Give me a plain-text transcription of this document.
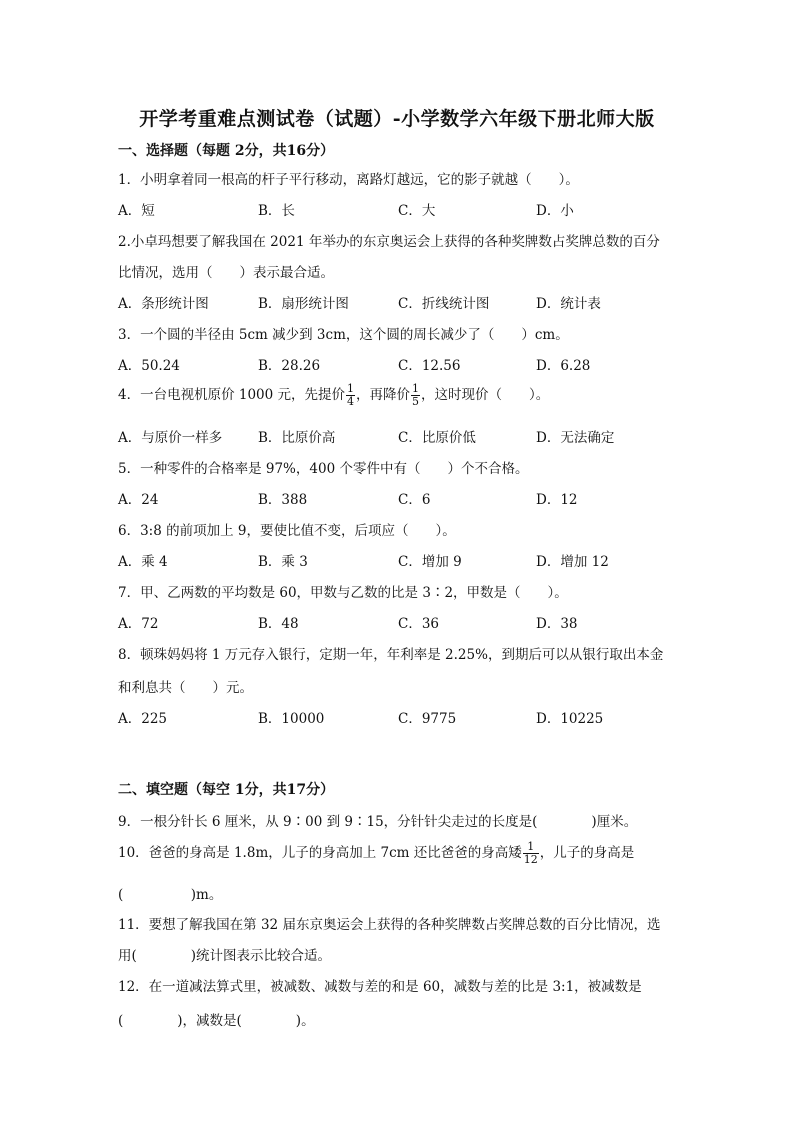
开学考重难点测试卷（试题）-小学数学六年级下册北师大版
一、选择题（每题 2分，共16分）
1．小明拿着同一根高的杆子平行移动，离路灯越远，它的影子就越（　　）。
A．短	B．长	C．大	D．小
2.小卓玛想要了解我国在 2021 年举办的东京奥运会上获得的各种奖牌数占奖牌总数的百分
比情况，选用（　　）表示最合适。
A．条形统计图	B．扇形统计图	C．折线统计图	D．统计表
3．一个圆的半径由 5cm 减少到 3cm，这个圆的周长减少了（　　）cm。
A．50.24	B．28.26	C．12.56	D．6.28
4．一台电视机原价 1000 元，先提价 $\frac{1}{4}$ ，再降价 $\frac{1}{5}$ ，这时现价（　　）。
A．与原价一样多	B．比原价高	C．比原价低	D．无法确定
5．一种零件的合格率是 97%，400 个零件中有（　　）个不合格。
A．24	B．388	C．6	D．12
6．3:8 的前项加上 9，要使比值不变，后项应（　　）。
A．乘 4	B．乘 3	C．增加 9	D．增加 12
7．甲、乙两数的平均数是 60，甲数与乙数的比是 3∶2，甲数是（　　）。
A．72	B．48	C．36	D．38
8．顿珠妈妈将 1 万元存入银行，定期一年，年利率是 2.25%，到期后可以从银行取出本金
和利息共（　　）元。
A．225	B．10000	C．9775	D．10225
二、填空题（每空 1分，共17分）
9．一根分针长 6 厘米，从 9∶00 到 9∶15，分针针尖走过的长度是(　　　　)厘米。
10．爸爸的身高是 1.8m，儿子的身高加上 7cm 还比爸爸的身高矮 $\frac{1}{12}$ ，儿子的身高是
(　　　　　)m。
11．要想了解我国在第 32 届东京奥运会上获得的各种奖牌数占奖牌总数的百分比情况，选
用(　　　　)统计图表示比较合适。
12．在一道减法算式里，被减数、减数与差的和是 60，减数与差的比是 3:1，被减数是
(　　　　)，减数是(　　　　)。
